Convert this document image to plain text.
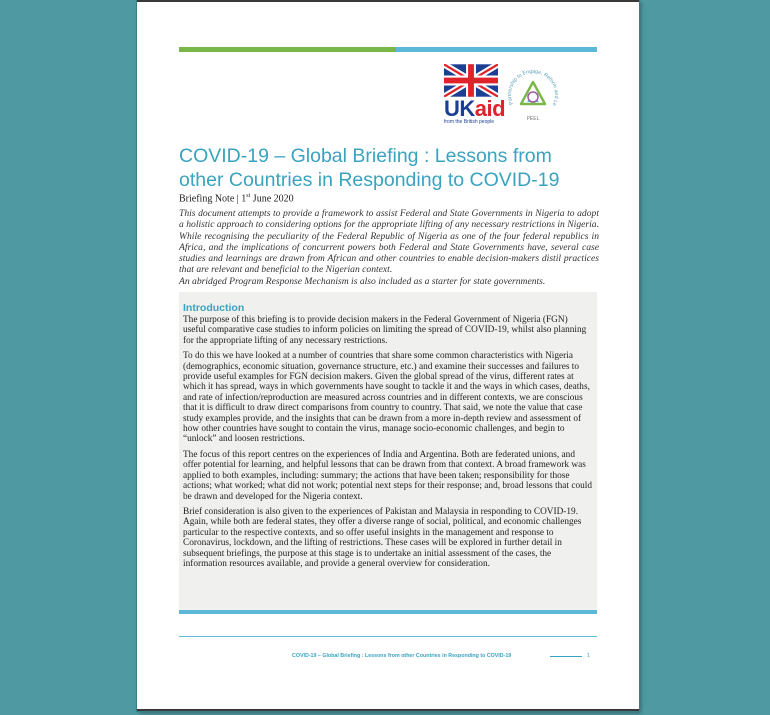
UKaid
from the British people
Partnership to Engage, Reform and Le
PEEL
COVID-19 – Global Briefing : Lessons from other Countries in Responding to COVID-19
Briefing Note | 1st June 2020

This document attempts to provide a framework to assist Federal and State Governments in Nigeria to adopt a holistic approach to considering options for the appropriate lifting of any necessary restrictions in Nigeria. While recognising the peculiarity of the Federal Republic of Nigeria as one of the four federal republics in Africa, and the implications of concurrent powers both Federal and State Governments have, several case studies and learnings are drawn from African and other countries to enable decision-makers distil practices that are relevant and beneficial to the Nigerian context.

An abridged Program Response Mechanism is also included as a starter for state governments.

Introduction

The purpose of this briefing is to provide decision makers in the Federal Government of Nigeria (FGN) useful comparative case studies to inform policies on limiting the spread of COVID-19, whilst also planning for the appropriate lifting of any necessary restrictions.

To do this we have looked at a number of countries that share some common characteristics with Nigeria (demographics, economic situation, governance structure, etc.) and examine their successes and failures to provide useful examples for FGN decision makers. Given the global spread of the virus, different rates at which it has spread, ways in which governments have sought to tackle it and the ways in which cases, deaths, and rate of infection/reproduction are measured across countries and in different contexts, we are conscious that it is difficult to draw direct comparisons from country to country. That said, we note the value that case study examples provide, and the insights that can be drawn from a more in-depth review and assessment of how other countries have sought to contain the virus, manage socio-economic challenges, and begin to “unlock” and loosen restrictions.

The focus of this report centres on the experiences of India and Argentina. Both are federated unions, and offer potential for learning, and helpful lessons that can be drawn from that context. A broad framework was applied to both examples, including: summary; the actions that have been taken; responsibility for those actions; what worked; what did not work; potential next steps for their response; and, broad lessons that could be drawn and developed for the Nigeria context.

Brief consideration is also given to the experiences of Pakistan and Malaysia in responding to COVID-19. Again, while both are federal states, they offer a diverse range of social, political, and economic challenges particular to the respective contexts, and so offer useful insights in the management and response to Coronavirus, lockdown, and the lifting of restrictions. These cases will be explored in further detail in subsequent briefings, the purpose at this stage is to undertake an initial assessment of the cases, the information resources available, and provide a general overview for consideration.

COVID-19 – Global Briefing : Lessons from other Countries in Responding to COVID-19	1
